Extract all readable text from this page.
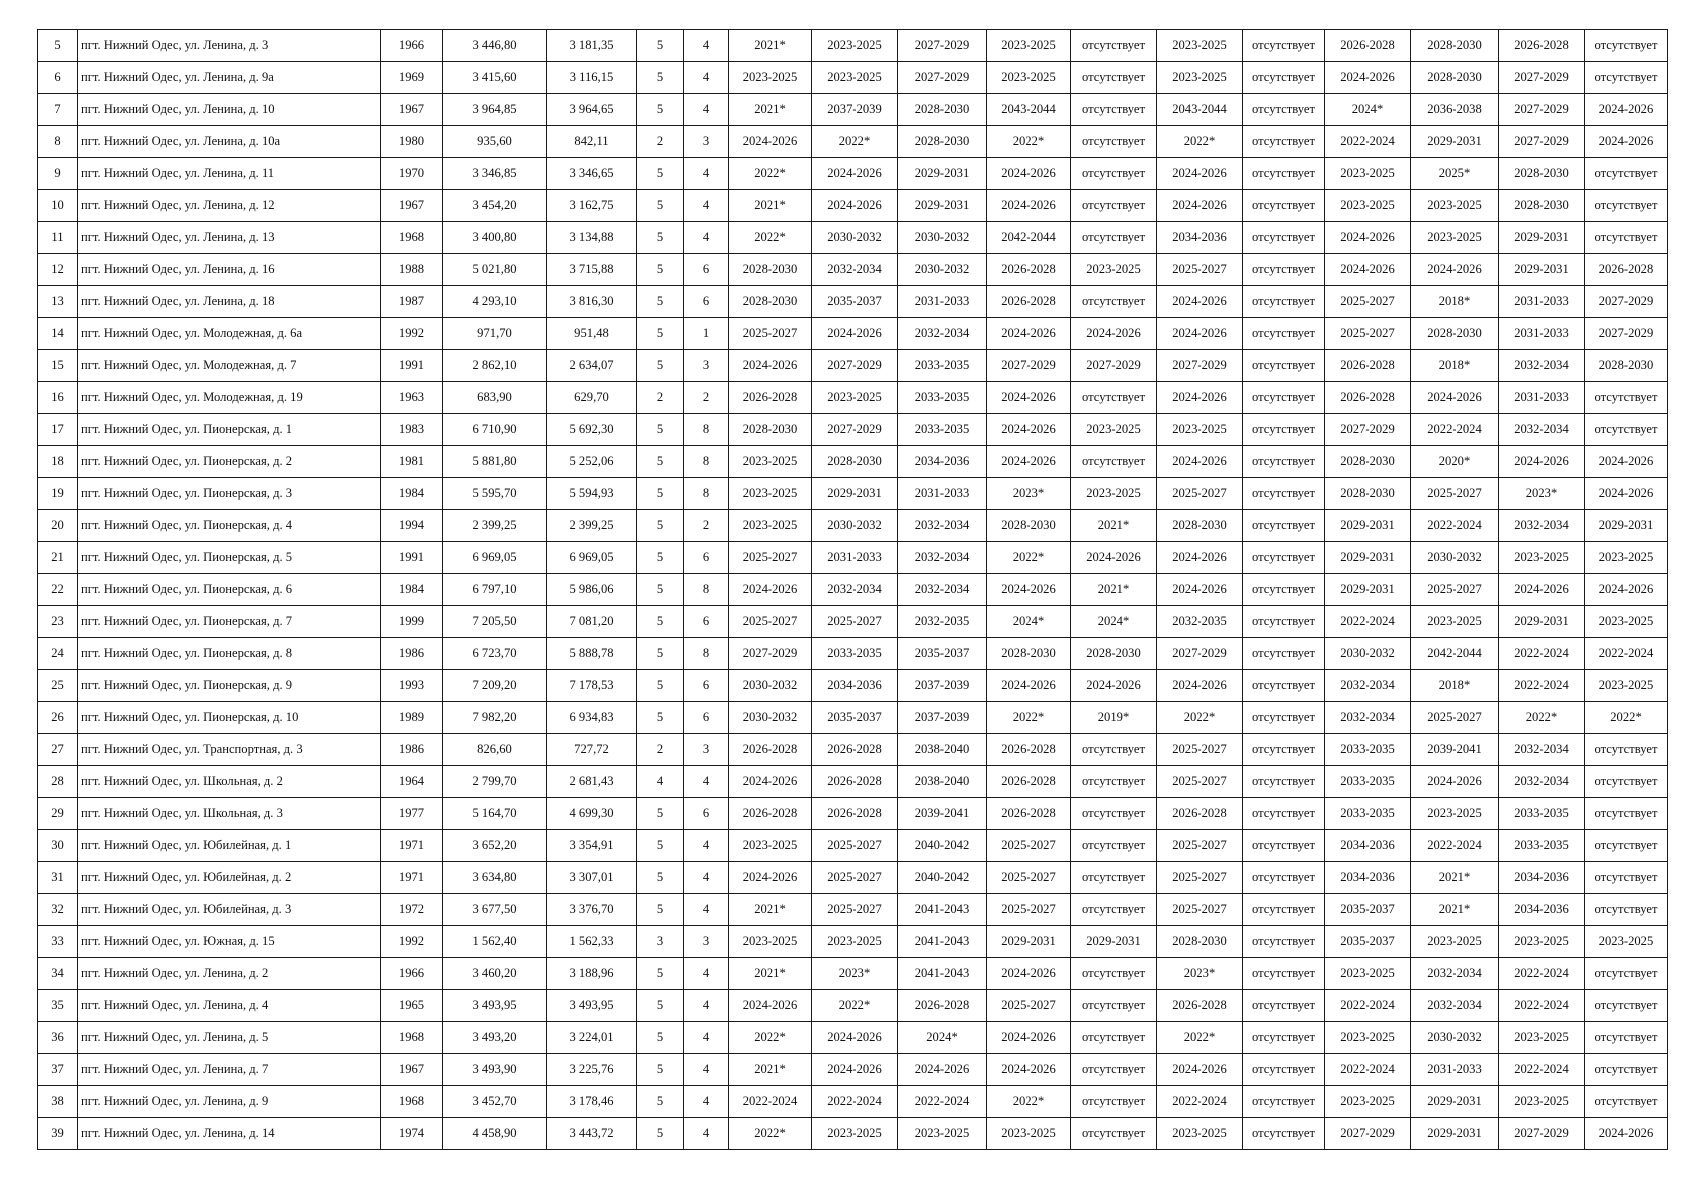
5	пгт. Нижний Одес, ул. Ленина, д. 3	1966	3 446,80	3 181,35	5	4	2021*	2023-2025	2027-2029	2023-2025	отсутствует	2023-2025	отсутствует	2026-2028	2028-2030	2026-2028	отсутствует
6	пгт. Нижний Одес, ул. Ленина, д. 9а	1969	3 415,60	3 116,15	5	4	2023-2025	2023-2025	2027-2029	2023-2025	отсутствует	2023-2025	отсутствует	2024-2026	2028-2030	2027-2029	отсутствует
7	пгт. Нижний Одес, ул. Ленина, д. 10	1967	3 964,85	3 964,65	5	4	2021*	2037-2039	2028-2030	2043-2044	отсутствует	2043-2044	отсутствует	2024*	2036-2038	2027-2029	2024-2026
8	пгт. Нижний Одес, ул. Ленина, д. 10а	1980	935,60	842,11	2	3	2024-2026	2022*	2028-2030	2022*	отсутствует	2022*	отсутствует	2022-2024	2029-2031	2027-2029	2024-2026
9	пгт. Нижний Одес, ул. Ленина, д. 11	1970	3 346,85	3 346,65	5	4	2022*	2024-2026	2029-2031	2024-2026	отсутствует	2024-2026	отсутствует	2023-2025	2025*	2028-2030	отсутствует
10	пгт. Нижний Одес, ул. Ленина, д. 12	1967	3 454,20	3 162,75	5	4	2021*	2024-2026	2029-2031	2024-2026	отсутствует	2024-2026	отсутствует	2023-2025	2023-2025	2028-2030	отсутствует
11	пгт. Нижний Одес, ул. Ленина, д. 13	1968	3 400,80	3 134,88	5	4	2022*	2030-2032	2030-2032	2042-2044	отсутствует	2034-2036	отсутствует	2024-2026	2023-2025	2029-2031	отсутствует
12	пгт. Нижний Одес, ул. Ленина, д. 16	1988	5 021,80	3 715,88	5	6	2028-2030	2032-2034	2030-2032	2026-2028	2023-2025	2025-2027	отсутствует	2024-2026	2024-2026	2029-2031	2026-2028
13	пгт. Нижний Одес, ул. Ленина, д. 18	1987	4 293,10	3 816,30	5	6	2028-2030	2035-2037	2031-2033	2026-2028	отсутствует	2024-2026	отсутствует	2025-2027	2018*	2031-2033	2027-2029
14	пгт. Нижний Одес, ул. Молодежная, д. 6а	1992	971,70	951,48	5	1	2025-2027	2024-2026	2032-2034	2024-2026	2024-2026	2024-2026	отсутствует	2025-2027	2028-2030	2031-2033	2027-2029
15	пгт. Нижний Одес, ул. Молодежная, д. 7	1991	2 862,10	2 634,07	5	3	2024-2026	2027-2029	2033-2035	2027-2029	2027-2029	2027-2029	отсутствует	2026-2028	2018*	2032-2034	2028-2030
16	пгт. Нижний Одес, ул. Молодежная, д. 19	1963	683,90	629,70	2	2	2026-2028	2023-2025	2033-2035	2024-2026	отсутствует	2024-2026	отсутствует	2026-2028	2024-2026	2031-2033	отсутствует
17	пгт. Нижний Одес, ул. Пионерская, д. 1	1983	6 710,90	5 692,30	5	8	2028-2030	2027-2029	2033-2035	2024-2026	2023-2025	2023-2025	отсутствует	2027-2029	2022-2024	2032-2034	отсутствует
18	пгт. Нижний Одес, ул. Пионерская, д. 2	1981	5 881,80	5 252,06	5	8	2023-2025	2028-2030	2034-2036	2024-2026	отсутствует	2024-2026	отсутствует	2028-2030	2020*	2024-2026	2024-2026
19	пгт. Нижний Одес, ул. Пионерская, д. 3	1984	5 595,70	5 594,93	5	8	2023-2025	2029-2031	2031-2033	2023*	2023-2025	2025-2027	отсутствует	2028-2030	2025-2027	2023*	2024-2026
20	пгт. Нижний Одес, ул. Пионерская, д. 4	1994	2 399,25	2 399,25	5	2	2023-2025	2030-2032	2032-2034	2028-2030	2021*	2028-2030	отсутствует	2029-2031	2022-2024	2032-2034	2029-2031
21	пгт. Нижний Одес, ул. Пионерская, д. 5	1991	6 969,05	6 969,05	5	6	2025-2027	2031-2033	2032-2034	2022*	2024-2026	2024-2026	отсутствует	2029-2031	2030-2032	2023-2025	2023-2025
22	пгт. Нижний Одес, ул. Пионерская, д. 6	1984	6 797,10	5 986,06	5	8	2024-2026	2032-2034	2032-2034	2024-2026	2021*	2024-2026	отсутствует	2029-2031	2025-2027	2024-2026	2024-2026
23	пгт. Нижний Одес, ул. Пионерская, д. 7	1999	7 205,50	7 081,20	5	6	2025-2027	2025-2027	2032-2035	2024*	2024*	2032-2035	отсутствует	2022-2024	2023-2025	2029-2031	2023-2025
24	пгт. Нижний Одес, ул. Пионерская, д. 8	1986	6 723,70	5 888,78	5	8	2027-2029	2033-2035	2035-2037	2028-2030	2028-2030	2027-2029	отсутствует	2030-2032	2042-2044	2022-2024	2022-2024
25	пгт. Нижний Одес, ул. Пионерская, д. 9	1993	7 209,20	7 178,53	5	6	2030-2032	2034-2036	2037-2039	2024-2026	2024-2026	2024-2026	отсутствует	2032-2034	2018*	2022-2024	2023-2025
26	пгт. Нижний Одес, ул. Пионерская, д. 10	1989	7 982,20	6 934,83	5	6	2030-2032	2035-2037	2037-2039	2022*	2019*	2022*	отсутствует	2032-2034	2025-2027	2022*	2022*
27	пгт. Нижний Одес, ул. Транспортная, д. 3	1986	826,60	727,72	2	3	2026-2028	2026-2028	2038-2040	2026-2028	отсутствует	2025-2027	отсутствует	2033-2035	2039-2041	2032-2034	отсутствует
28	пгт. Нижний Одес, ул. Школьная, д. 2	1964	2 799,70	2 681,43	4	4	2024-2026	2026-2028	2038-2040	2026-2028	отсутствует	2025-2027	отсутствует	2033-2035	2024-2026	2032-2034	отсутствует
29	пгт. Нижний Одес, ул. Школьная, д. 3	1977	5 164,70	4 699,30	5	6	2026-2028	2026-2028	2039-2041	2026-2028	отсутствует	2026-2028	отсутствует	2033-2035	2023-2025	2033-2035	отсутствует
30	пгт. Нижний Одес, ул. Юбилейная, д. 1	1971	3 652,20	3 354,91	5	4	2023-2025	2025-2027	2040-2042	2025-2027	отсутствует	2025-2027	отсутствует	2034-2036	2022-2024	2033-2035	отсутствует
31	пгт. Нижний Одес, ул. Юбилейная, д. 2	1971	3 634,80	3 307,01	5	4	2024-2026	2025-2027	2040-2042	2025-2027	отсутствует	2025-2027	отсутствует	2034-2036	2021*	2034-2036	отсутствует
32	пгт. Нижний Одес, ул. Юбилейная, д. 3	1972	3 677,50	3 376,70	5	4	2021*	2025-2027	2041-2043	2025-2027	отсутствует	2025-2027	отсутствует	2035-2037	2021*	2034-2036	отсутствует
33	пгт. Нижний Одес, ул. Южная, д. 15	1992	1 562,40	1 562,33	3	3	2023-2025	2023-2025	2041-2043	2029-2031	2029-2031	2028-2030	отсутствует	2035-2037	2023-2025	2023-2025	2023-2025
34	пгт. Нижний Одес, ул. Ленина, д. 2	1966	3 460,20	3 188,96	5	4	2021*	2023*	2041-2043	2024-2026	отсутствует	2023*	отсутствует	2023-2025	2032-2034	2022-2024	отсутствует
35	пгт. Нижний Одес, ул. Ленина, д. 4	1965	3 493,95	3 493,95	5	4	2024-2026	2022*	2026-2028	2025-2027	отсутствует	2026-2028	отсутствует	2022-2024	2032-2034	2022-2024	отсутствует
36	пгт. Нижний Одес, ул. Ленина, д. 5	1968	3 493,20	3 224,01	5	4	2022*	2024-2026	2024*	2024-2026	отсутствует	2022*	отсутствует	2023-2025	2030-2032	2023-2025	отсутствует
37	пгт. Нижний Одес, ул. Ленина, д. 7	1967	3 493,90	3 225,76	5	4	2021*	2024-2026	2024-2026	2024-2026	отсутствует	2024-2026	отсутствует	2022-2024	2031-2033	2022-2024	отсутствует
38	пгт. Нижний Одес, ул. Ленина, д. 9	1968	3 452,70	3 178,46	5	4	2022-2024	2022-2024	2022-2024	2022*	отсутствует	2022-2024	отсутствует	2023-2025	2029-2031	2023-2025	отсутствует
39	пгт. Нижний Одес, ул. Ленина, д. 14	1974	4 458,90	3 443,72	5	4	2022*	2023-2025	2023-2025	2023-2025	отсутствует	2023-2025	отсутствует	2027-2029	2029-2031	2027-2029	2024-2026
